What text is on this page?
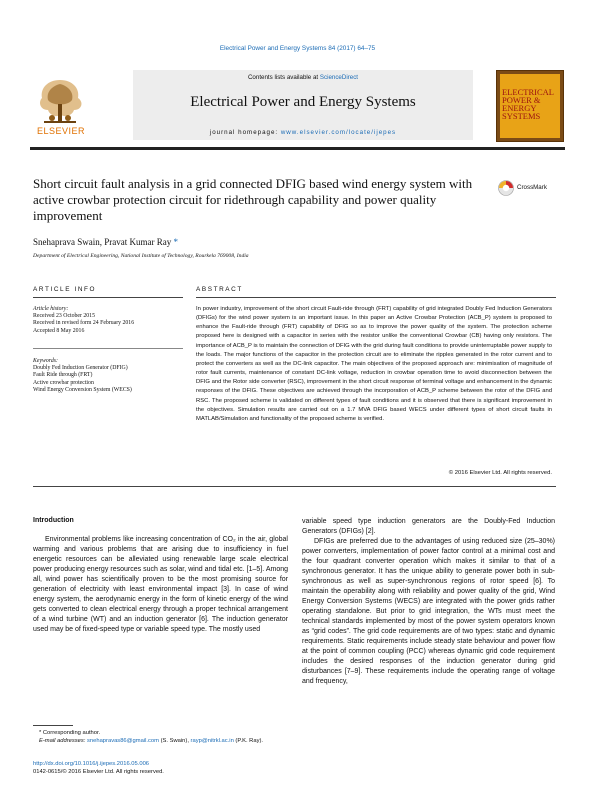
Electrical Power and Energy Systems 84 (2017) 64–75
ELSEVIER
Contents lists available at ScienceDirect
Electrical Power and Energy Systems
journal homepage: www.elsevier.com/locate/ijepes
ELECTRICAL POWER & ENERGY SYSTEMS
Short circuit fault analysis in a grid connected DFIG based wind energy system with active crowbar protection circuit for ridethrough capability and power quality improvement
CrossMark
Snehaprava Swain, Pravat Kumar Ray *
Department of Electrical Engineering, National Institute of Technology, Rourkela 769008, India
ARTICLE INFO	ABSTRACT
Article history:
Received 23 October 2015
Received in revised form 24 February 2016
Accepted 8 May 2016
Keywords:
Doubly Fed Induction Generator (DFIG)
Fault Ride through (FRT)
Active crowbar protection
Wind Energy Conversion System (WECS)
In power industry, improvement of the short circuit Fault-ride through (FRT) capability of grid integrated Doubly Fed Induction Generators (DFIGs) for the wind power system is an important issue. In this paper an Active Crowbar Protection (ACB_P) system is proposed to enhance the Fault-ride through (FRT) capability of DFIG so as to improve the power quality of the system. The protection scheme proposed here is designed with a capacitor in series with the resistor unlike the conventional Crowbar (CB) having only resistors. The importance of ACB_P is to maintain the connection of DFIG with the grid during fault conditions to provide uninterruptable power supply to the loads. The major functions of the capacitor in the protection circuit are to eliminate the ripples generated in the rotor current and to protect the converters as well as the DC-link capacitor. The main objectives of the proposed approach are: minimisation of magnitude of rotor fault currents, maintenance of constant DC-link voltage, reduction in crowbar operation time to avoid disconnection between the DFIG and the Rotor side converter (RSC), improvement in the short circuit response of terminal voltage and enhancement in the dynamic responses of the DFIG. These objectives are achieved through the incorporation of ACB_P scheme between the rotor of the DFIG and RSC. The proposed scheme is validated on different types of fault conditions and it is observed that there is significant improvement in the objectives. Simulation results are carried out on a 1.7 MVA DFIG based WECS under different types of short circuit faults in MATLAB/Simulation and functionality of the proposed scheme is verified.
© 2016 Elsevier Ltd. All rights reserved.
Introduction
Environmental problems like increasing concentration of CO₂ in the air, global warming and various problems that are arising due to insufficiency in fuel energetic resources can be alleviated using renewable large scale electrical power producing energy resources such as solar, wind and tidal etc. [1–5]. Among all, wind power has scientifically proven to be the most promising source for generation of electricity with least environmental impact [3]. In case of wind energy system, the aerodynamic energy in the form of kinetic energy of the wind gets converted to clean electrical energy through a proper technical arrangement of a wind turbine (WT) and an induction generator [6]. The induction generator used may be of fixed-speed type or variable speed type. The mostly used
variable speed type induction generators are the Doubly-Fed Induction Generators (DFIGs) [2].
DFIGs are preferred due to the advantages of using reduced size (25–30%) power converters, implementation of power factor control at a minimal cost and the four quadrant converter operation which makes it similar to that of a synchronous generator. It has the unique ability to generate power both in sub-synchronous as well as super-synchronous regions of rotor speed [6]. To maintain the operability along with reliability and power quality of the grid, Wind Energy Conversion Systems (WECS) are integrated with the power grids rather operating standalone. But prior to grid integration, the WTs must meet the technical standards implemented by most of the power system operators known as “grid codes”. The grid code requirements are of two types: static and dynamic requirements. Static requirements include steady state behaviour and power flow at the point of common coupling (PCC) whereas dynamic grid code requirement includes the desired responses of the induction generator during grid disturbances [7–9]. These requirements include the operating range of voltage and frequency,
* Corresponding author.
E-mail addresses: snehapravas86@gmail.com (S. Swain), rayp@nitrkl.ac.in (P.K. Ray).
http://dx.doi.org/10.1016/j.ijepes.2016.05.006
0142-0615/© 2016 Elsevier Ltd. All rights reserved.
